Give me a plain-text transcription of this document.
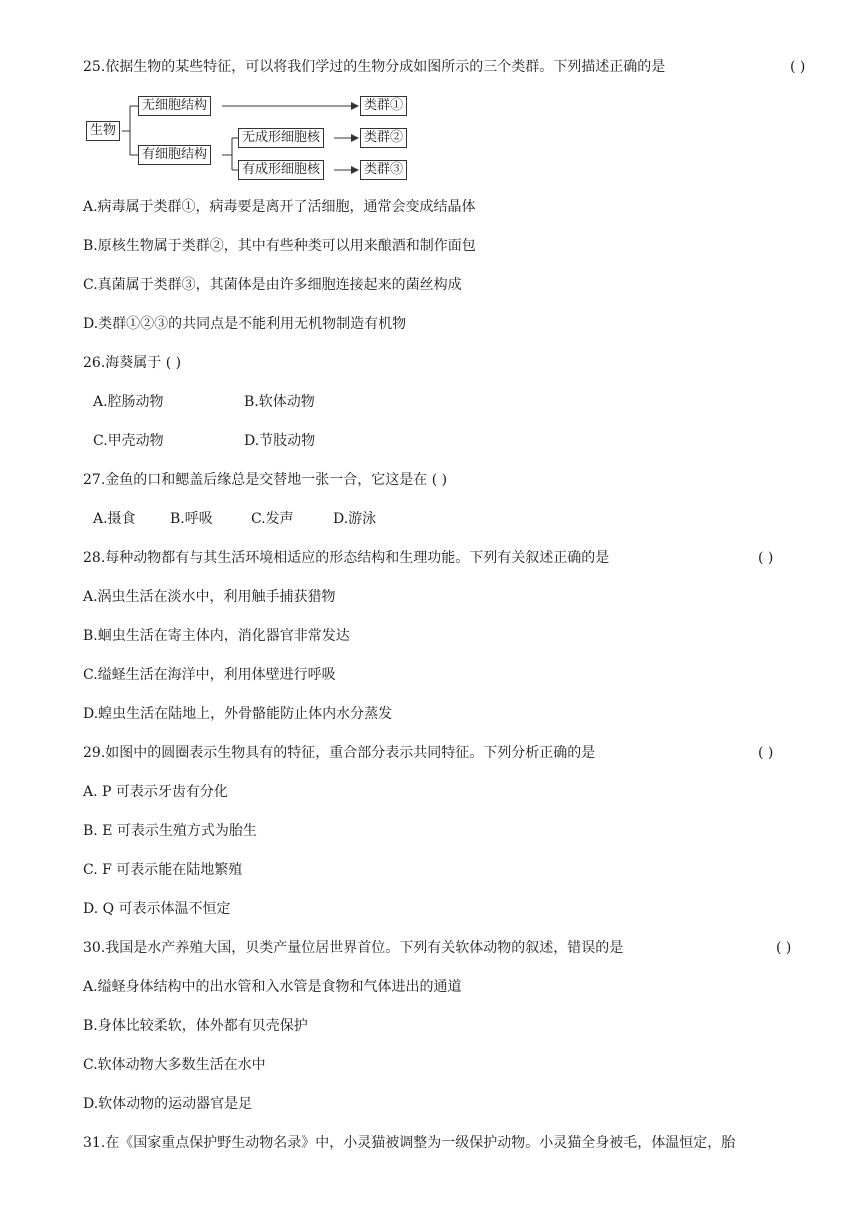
25.依据生物的某些特征，可以将我们学过的生物分成如图所示的三个类群。下列描述正确的是	( )
生物
无细胞结构
有细胞结构
无成形细胞核
有成形细胞核
类群①
类群②
类群③
A.病毒属于类群①，病毒要是离开了活细胞，通常会变成结晶体
B.原核生物属于类群②，其中有些种类可以用来酿酒和制作面包
C.真菌属于类群③，其菌体是由许多细胞连接起来的菌丝构成
D.类群①②③的共同点是不能利用无机物制造有机物
26.海葵属于 ( )
A.腔肠动物	B.软体动物
C.甲壳动物	D.节肢动物
27.金鱼的口和鳃盖后缘总是交替地一张一合，它这是在 ( )
A.摄食 B.呼吸	C.发声	D.游泳
28.每种动物都有与其生活环境相适应的形态结构和生理功能。下列有关叙述正确的是	( )
A.涡虫生活在淡水中，利用触手捕获猎物
B.蛔虫生活在寄主体内，消化器官非常发达
C.缢蛏生活在海洋中，利用体壁进行呼吸
D.蝗虫生活在陆地上，外骨骼能防止体内水分蒸发
29.如图中的圆圈表示生物具有的特征，重合部分表示共同特征。下列分析正确的是	( )
A. P 可表示牙齿有分化
B. E 可表示生殖方式为胎生
C. F 可表示能在陆地繁殖
D. Q 可表示体温不恒定
30.我国是水产养殖大国，贝类产量位居世界首位。下列有关软体动物的叙述，错误的是	( )
A.缢蛏身体结构中的出水管和入水管是食物和气体进出的通道
B.身体比较柔软，体外都有贝壳保护
C.软体动物大多数生活在水中
D.软体动物的运动器官是足
31.在《国家重点保护野生动物名录》中，小灵猫被调整为一级保护动物。小灵猫全身被毛，体温恒定，胎
